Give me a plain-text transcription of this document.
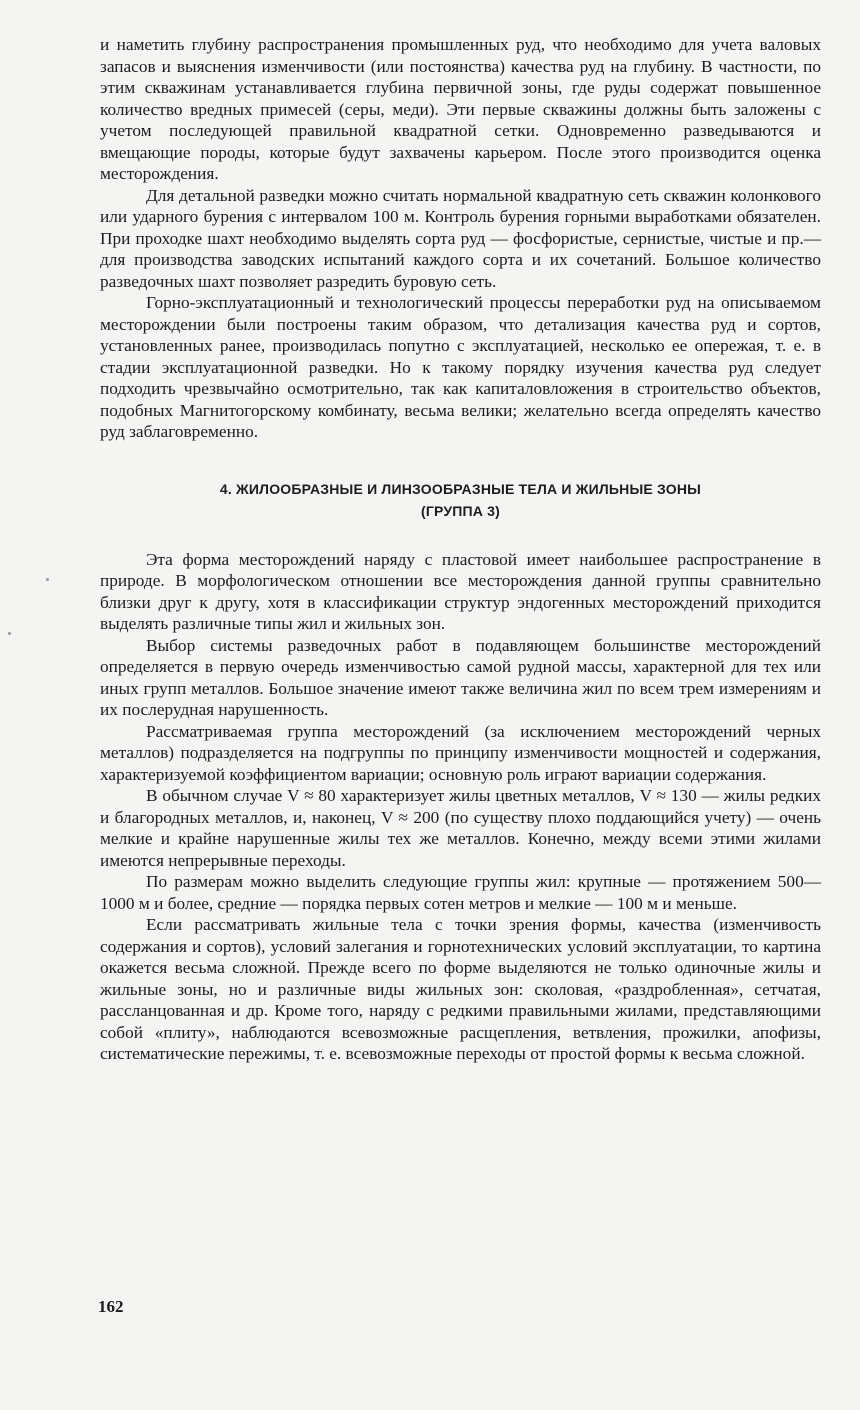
и наметить глубину распространения промышленных руд, что необходимо для учета валовых запасов и выяснения изменчивости (или постоянства) качества руд на глубину. В частности, по этим скважинам устанавливается глубина первичной зоны, где руды содержат повышенное количество вредных примесей (серы, меди). Эти первые скважины должны быть заложены с учетом последующей правильной квадратной сетки. Одновременно разведываются и вмещающие породы, которые будут захвачены карьером. После этого производится оценка месторождения.

Для детальной разведки можно считать нормальной квадратную сеть скважин колонкового или ударного бурения с интервалом 100 м. Контроль бурения горными выработками обязателен. При проходке шахт необходимо выделять сорта руд — фосфористые, сернистые, чистые и пр.— для производства заводских испытаний каждого сорта и их сочетаний. Большое количество разведочных шахт позволяет разредить буровую сеть.

Горно-эксплуатационный и технологический процессы переработки руд на описываемом месторождении были построены таким образом, что детализация качества руд и сортов, установленных ранее, производилась попутно с эксплуатацией, несколько ее опережая, т. е. в стадии эксплуатационной разведки. Но к такому порядку изучения качества руд следует подходить чрезвычайно осмотрительно, так как капиталовложения в строительство объектов, подобных Магнитогорскому комбинату, весьма велики; желательно всегда определять качество руд заблаговременно.

4. ЖИЛООБРАЗНЫЕ И ЛИНЗООБРАЗНЫЕ ТЕЛА И ЖИЛЬНЫЕ ЗОНЫ
(ГРУППА 3)

Эта форма месторождений наряду с пластовой имеет наибольшее распространение в природе. В морфологическом отношении все месторождения данной группы сравнительно близки друг к другу, хотя в классификации структур эндогенных месторождений приходится выделять различные типы жил и жильных зон.

Выбор системы разведочных работ в подавляющем большинстве месторождений определяется в первую очередь изменчивостью самой рудной массы, характерной для тех или иных групп металлов. Большое значение имеют также величина жил по всем трем измерениям и их послерудная нарушенность.

Рассматриваемая группа месторождений (за исключением месторождений черных металлов) подразделяется на подгруппы по принципу изменчивости мощностей и содержания, характеризуемой коэффициентом вариации; основную роль играют вариации содержания.

В обычном случае V ≈ 80 характеризует жилы цветных металлов, V ≈ 130 — жилы редких и благородных металлов, и, наконец, V ≈ 200 (по существу плохо поддающийся учету) — очень мелкие и крайне нарушенные жилы тех же металлов. Конечно, между всеми этими жилами имеются непрерывные переходы.

По размерам можно выделить следующие группы жил: крупные — протяжением 500—1000 м и более, средние — порядка первых сотен метров и мелкие — 100 м и меньше.

Если рассматривать жильные тела с точки зрения формы, качества (изменчивость содержания и сортов), условий залегания и горнотехнических условий эксплуатации, то картина окажется весьма сложной. Прежде всего по форме выделяются не только одиночные жилы и жильные зоны, но и различные виды жильных зон: сколовая, «раздробленная», сетчатая, рассланцованная и др. Кроме того, наряду с редкими правильными жилами, представляющими собой «плиту», наблюдаются всевозможные расщепления, ветвления, прожилки, апофизы, систематические пережимы, т. е. всевозможные переходы от простой формы к весьма сложной.

162
